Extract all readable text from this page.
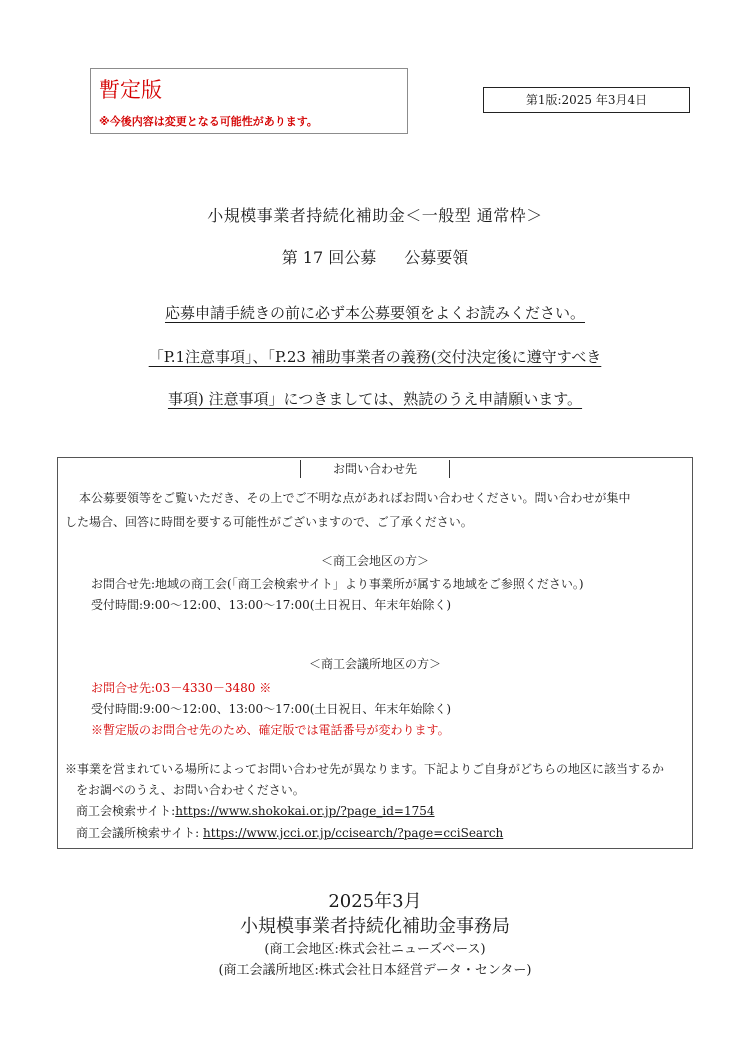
暫定版
※今後内容は変更となる可能性があります。
第1版:2025 年3月4日
小規模事業者持続化補助金＜一般型 通常枠＞
第 17 回公募 公募要領
応募申請手続きの前に必ず本公募要領をよくお読みください。
「P.1注意事項」、「P.23 補助事業者の義務(交付決定後に遵守すべき
事項) 注意事項」につきましては、熟読のうえ申請願います。
お問い合わせ先
本公募要領等をご覧いただき、その上でご不明な点があればお問い合わせください。問い合わせが集中
した場合、回答に時間を要する可能性がございますので、ご了承ください。
＜商工会地区の方＞
お問合せ先:地域の商工会(「商工会検索サイト」より事業所が属する地域をご参照ください。)
受付時間:9:00～12:00、13:00～17:00(土日祝日、年末年始除く)
＜商工会議所地区の方＞
お問合せ先:03－4330－3480 ※
受付時間:9:00～12:00、13:00～17:00(土日祝日、年末年始除く)
※暫定版のお問合せ先のため、確定版では電話番号が変わります。
※事業を営まれている場所によってお問い合わせ先が異なります。下記よりご自身がどちらの地区に該当するか
をお調べのうえ、お問い合わせください。
商工会検索サイト:https://www.shokokai.or.jp/?page_id=1754
商工会議所検索サイト: https://www.jcci.or.jp/ccisearch/?page=cciSearch
2025年3月
小規模事業者持続化補助金事務局
(商工会地区:株式会社ニューズベース)
(商工会議所地区:株式会社日本経営データ・センター)
